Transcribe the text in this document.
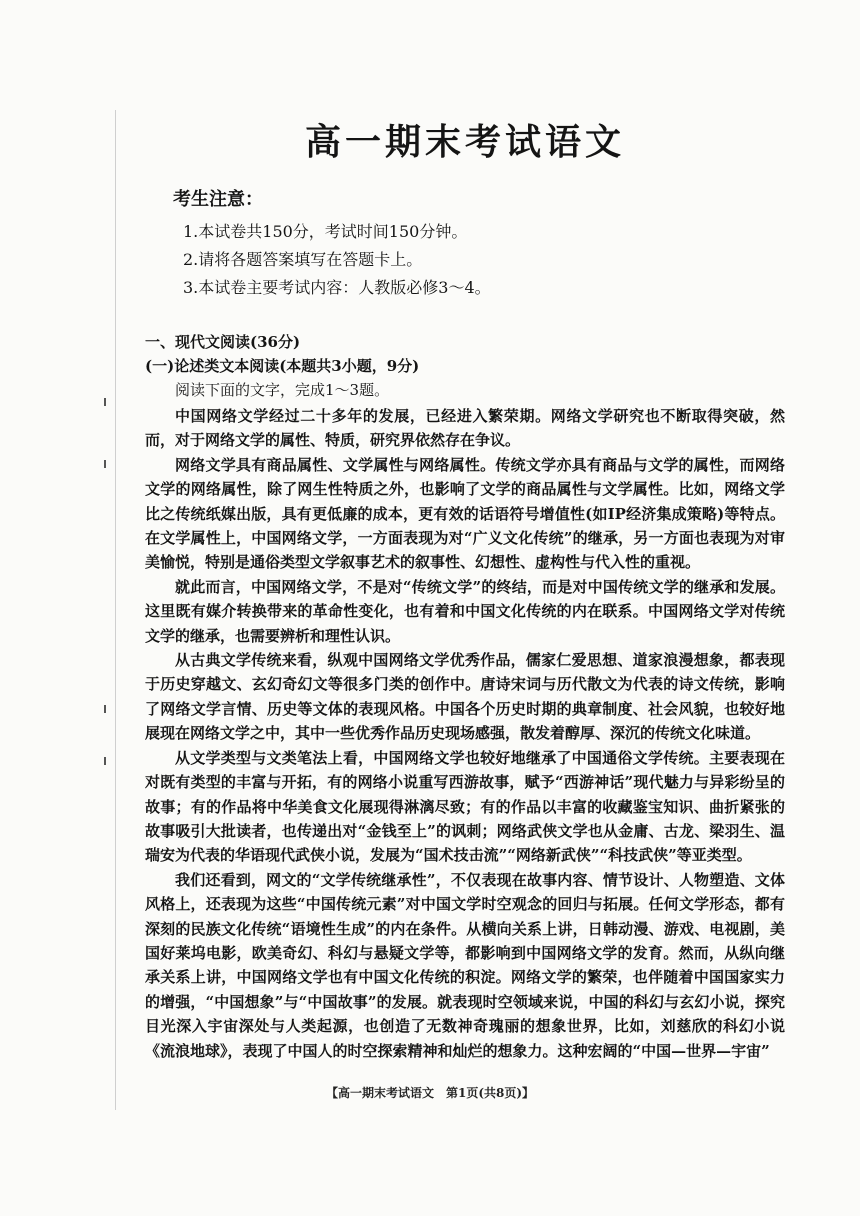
高一期末考试语文
考生注意：
1.本试卷共150分，考试时间150分钟。
2.请将各题答案填写在答题卡上。
3.本试卷主要考试内容：人教版必修3～4。
一、现代文阅读(36分)
(一)论述类文本阅读(本题共3小题，9分)
阅读下面的文字，完成1～3题。

中国网络文学经过二十多年的发展，已经进入繁荣期。网络文学研究也不断取得突破，然而，对于网络文学的属性、特质，研究界依然存在争议。

网络文学具有商品属性、文学属性与网络属性。传统文学亦具有商品与文学的属性，而网络文学的网络属性，除了网生性特质之外，也影响了文学的商品属性与文学属性。比如，网络文学比之传统纸媒出版，具有更低廉的成本，更有效的话语符号增值性(如IP经济集成策略)等特点。在文学属性上，中国网络文学，一方面表现为对“广义文化传统”的继承，另一方面也表现为对审美愉悦，特别是通俗类型文学叙事艺术的叙事性、幻想性、虚构性与代入性的重视。

就此而言，中国网络文学，不是对“传统文学”的终结，而是对中国传统文学的继承和发展。这里既有媒介转换带来的革命性变化，也有着和中国文化传统的内在联系。中国网络文学对传统文学的继承，也需要辨析和理性认识。

从古典文学传统来看，纵观中国网络文学优秀作品，儒家仁爱思想、道家浪漫想象，都表现于历史穿越文、玄幻奇幻文等很多门类的创作中。唐诗宋词与历代散文为代表的诗文传统，影响了网络文学言情、历史等文体的表现风格。中国各个历史时期的典章制度、社会风貌，也较好地展现在网络文学之中，其中一些优秀作品历史现场感强，散发着醇厚、深沉的传统文化味道。

从文学类型与文类笔法上看，中国网络文学也较好地继承了中国通俗文学传统。主要表现在对既有类型的丰富与开拓，有的网络小说重写西游故事，赋予“西游神话”现代魅力与异彩纷呈的故事；有的作品将中华美食文化展现得淋漓尽致；有的作品以丰富的收藏鉴宝知识、曲折紧张的故事吸引大批读者，也传递出对“金钱至上”的讽刺；网络武侠文学也从金庸、古龙、梁羽生、温瑞安为代表的华语现代武侠小说，发展为“国术技击流”“网络新武侠”“科技武侠”等亚类型。

我们还看到，网文的“文学传统继承性”，不仅表现在故事内容、情节设计、人物塑造、文体风格上，还表现为这些“中国传统元素”对中国文学时空观念的回归与拓展。任何文学形态，都有深刻的民族文化传统“语境性生成”的内在条件。从横向关系上讲，日韩动漫、游戏、电视剧，美国好莱坞电影，欧美奇幻、科幻与悬疑文学等，都影响到中国网络文学的发育。然而，从纵向继承关系上讲，中国网络文学也有中国文化传统的积淀。网络文学的繁荣，也伴随着中国国家实力的增强，“中国想象”与“中国故事”的发展。就表现时空领域来说，中国的科幻与玄幻小说，探究目光深入宇宙深处与人类起源，也创造了无数神奇瑰丽的想象世界，比如，刘慈欣的科幻小说《流浪地球》，表现了中国人的时空探索精神和灿烂的想象力。这种宏阔的“中国—世界—宇宙”

【高一期末考试语文　第1页(共8页)】
